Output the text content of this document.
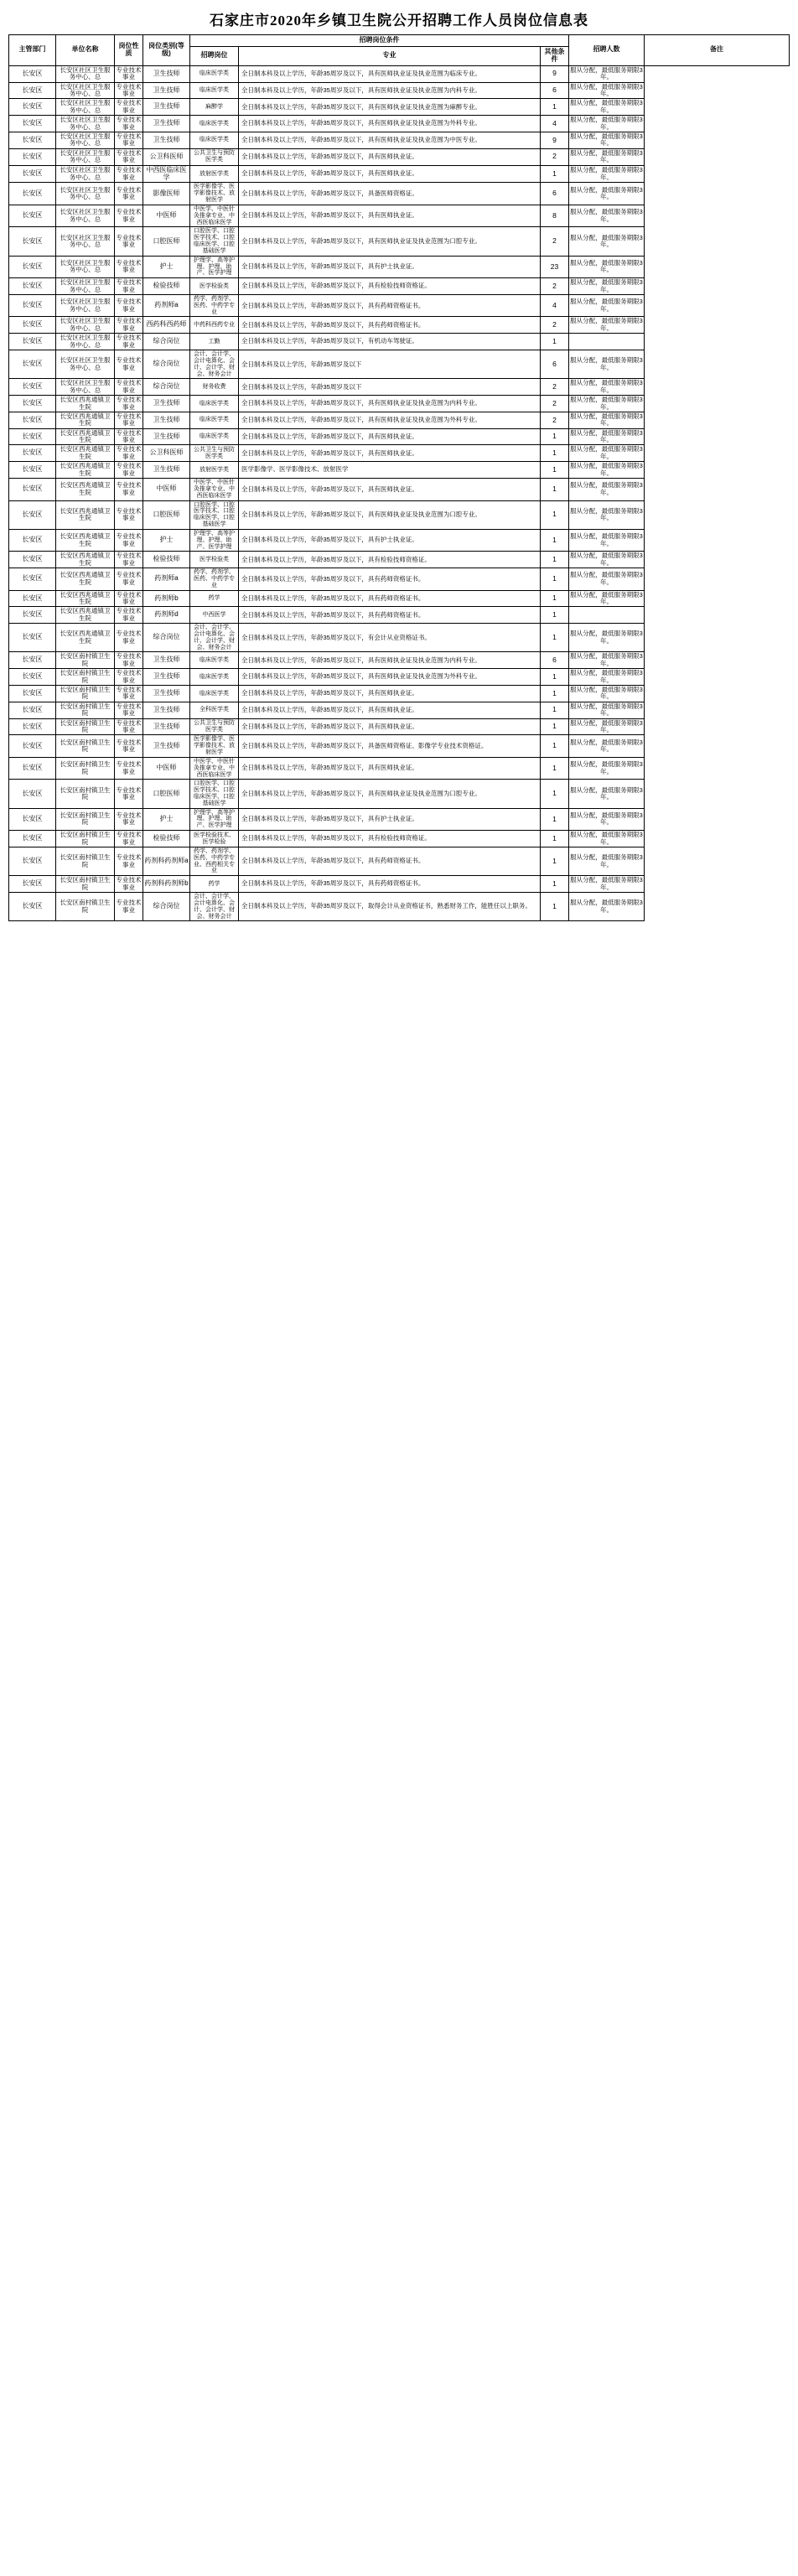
石家庄市2020年乡镇卫生院公开招聘工作人员岗位信息表
主管部门	单位名称	岗位性质	岗位类别(等级)	招聘岗位条件			招聘人数	备注
				招聘岗位	专业	其他条件		
长安区	长安区社区卫生服务中心、总	专业技术事业	卫生技师	临床医学类	全日制本科及以上学历，年龄35周岁及以下，具有医师执业证及执业范围为临床专业。	9	服从分配，最低服务期限3年。	
长安区	长安区社区卫生服务中心、总	专业技术事业	卫生技师	临床医学类	全日制本科及以上学历，年龄35周岁及以下，具有医师执业证及执业范围为内科专业。	6	服从分配，最低服务期限3年。	
长安区	长安区社区卫生服务中心、总	专业技术事业	卫生技师	麻醉学	全日制本科及以上学历，年龄35周岁及以下，具有医师执业证及执业范围为麻醉专业。	1	服从分配，最低服务期限3年。	
长安区	长安区社区卫生服务中心、总	专业技术事业	卫生技师	临床医学类	全日制本科及以上学历，年龄35周岁及以下，具有医师执业证及执业范围为外科专业。	4	服从分配，最低服务期限3年。	
长安区	长安区社区卫生服务中心、总	专业技术事业	卫生技师	临床医学类	全日制本科及以上学历，年龄35周岁及以下，具有医师执业证及执业范围为中医专业。	9	服从分配，最低服务期限3年。	
长安区	长安区社区卫生服务中心、总	专业技术事业	公卫科医师	公共卫生与预防医学类	全日制本科及以上学历，年龄35周岁及以下，具有医师执业证。	2	服从分配，最低服务期限3年。	
长安区	长安区社区卫生服务中心、总	专业技术事业	中西医临床医学	放射医学类	全日制本科及以上学历，年龄35周岁及以下，具有医师执业证。	1	服从分配，最低服务期限3年。	
长安区	长安区社区卫生服务中心、总	专业技术事业	影像医师	医学影像学、医学影像技术、放射医学	全日制本科及以上学历，年龄35周岁及以下，具备医师资格证。	6	服从分配，最低服务期限3年。	
长安区	长安区社区卫生服务中心、总	专业技术事业	中医师	中医学、中医针灸推拿专业、中西医临床医学	全日制本科及以上学历，年龄35周岁及以下，具有医师执业证。	8	服从分配，最低服务期限3年。	
长安区	长安区社区卫生服务中心、总	专业技术事业	口腔医师	口腔医学、口腔医学技术、口腔临床医学、口腔基础医学	全日制本科及以上学历，年龄35周岁及以下，具有医师执业证及执业范围为口腔专业。	2	服从分配，最低服务期限3年。	
长安区	长安区社区卫生服务中心、总	专业技术事业	护士	护理学、高等护理、护理、助产、医学护理	全日制本科及以上学历，年龄35周岁及以下，具有护士执业证。	23	服从分配，最低服务期限3年。	
长安区	长安区社区卫生服务中心、总	专业技术事业	检验技师	医学检验类	全日制本科及以上学历，年龄35周岁及以下，具有检验技师资格证。	2	服从分配，最低服务期限3年。	
长安区	长安区社区卫生服务中心、总	专业技术事业	药剂师a	药学、药剂学、医药、中药学专业	全日制本科及以上学历，年龄35周岁及以下，具有药师资格证书。	4	服从分配，最低服务期限3年。	
长安区	长安区社区卫生服务中心、总	专业技术事业	西药科西药师	中药科西药专业	全日制本科及以上学历，年龄35周岁及以下，具有药师资格证书。	2	服从分配，最低服务期限3年。	
长安区	长安区社区卫生服务中心、总	专业技术事业	综合岗位	工勤	全日制本科及以上学历，年龄35周岁及以下，有机动车驾驶证。	1		
长安区	长安区社区卫生服务中心、总	专业技术事业	综合岗位	会计、会计学、会计电算化、会计、会计学、财会、财务会计	全日制本科及以上学历，年龄35周岁及以下	6	服从分配，最低服务期限3年。	
长安区	长安区社区卫生服务中心、总	专业技术事业	综合岗位	财务收费	全日制本科及以上学历，年龄35周岁及以下	2	服从分配，最低服务期限3年。	
长安区	长安区西兆通镇卫生院	专业技术事业	卫生技师	临床医学类	全日制本科及以上学历，年龄35周岁及以下，具有医师执业证及执业范围为内科专业。	2	服从分配，最低服务期限3年。	
长安区	长安区西兆通镇卫生院	专业技术事业	卫生技师	临床医学类	全日制本科及以上学历，年龄35周岁及以下，具有医师执业证及执业范围为外科专业。	2	服从分配，最低服务期限3年。	
长安区	长安区西兆通镇卫生院	专业技术事业	卫生技师	临床医学类	全日制本科及以上学历，年龄35周岁及以下，具有医师执业证。	1	服从分配，最低服务期限3年。	
长安区	长安区西兆通镇卫生院	专业技术事业	公卫科医师	公共卫生与预防医学类	全日制本科及以上学历，年龄35周岁及以下，具有医师执业证。	1	服从分配，最低服务期限3年。	
长安区	长安区西兆通镇卫生院	专业技术事业	卫生技师	放射医学类	医学影像学、医学影像技术、放射医学	1	服从分配，最低服务期限3年。	
长安区	长安区西兆通镇卫生院	专业技术事业	中医师	中医学、中医针灸推拿专业、中西医临床医学	全日制本科及以上学历，年龄35周岁及以下，具有医师执业证。	1	服从分配，最低服务期限3年。	
长安区	长安区西兆通镇卫生院	专业技术事业	口腔医师	口腔医学、口腔医学技术、口腔临床医学、口腔基础医学	全日制本科及以上学历，年龄35周岁及以下，具有医师执业证及执业范围为口腔专业。	1	服从分配，最低服务期限3年。	
长安区	长安区西兆通镇卫生院	专业技术事业	护士	护理学、高等护理、护理、助产、医学护理	全日制本科及以上学历，年龄35周岁及以下，具有护士执业证。	1	服从分配，最低服务期限3年。	
长安区	长安区西兆通镇卫生院	专业技术事业	检验技师	医学检验类	全日制本科及以上学历，年龄35周岁及以下，具有检验技师资格证。	1	服从分配，最低服务期限3年。	
长安区	长安区西兆通镇卫生院	专业技术事业	药剂师a	药学、药剂学、医药、中药学专业	全日制本科及以上学历，年龄35周岁及以下，具有药师资格证书。	1	服从分配，最低服务期限3年。	
长安区	长安区西兆通镇卫生院	专业技术事业	药剂师b	药学	全日制本科及以上学历，年龄35周岁及以下，具有药师资格证书。	1	服从分配，最低服务期限3年。	
长安区	长安区西兆通镇卫生院	专业技术事业	药剂师d	中西医学	全日制本科及以上学历，年龄35周岁及以下，具有药师资格证书。	1		
长安区	长安区西兆通镇卫生院	专业技术事业	综合岗位	会计、会计学、会计电算化、会计、会计学、财会、财务会计	全日制本科及以上学历，年龄35周岁及以下，有会计从业资格证书。	1	服从分配，最低服务期限3年。	
长安区	长安区南村镇卫生院	专业技术事业	卫生技师	临床医学类	全日制本科及以上学历，年龄35周岁及以下，具有医师执业证及执业范围为内科专业。	6	服从分配，最低服务期限3年。	
长安区	长安区南村镇卫生院	专业技术事业	卫生技师	临床医学类	全日制本科及以上学历，年龄35周岁及以下，具有医师执业证及执业范围为外科专业。	1	服从分配，最低服务期限3年。	
长安区	长安区南村镇卫生院	专业技术事业	卫生技师	临床医学类	全日制本科及以上学历，年龄35周岁及以下，具有医师执业证。	1	服从分配，最低服务期限3年。	
长安区	长安区南村镇卫生院	专业技术事业	卫生技师	全科医学类	全日制本科及以上学历，年龄35周岁及以下，具有医师执业证。	1	服从分配，最低服务期限3年。	
长安区	长安区南村镇卫生院	专业技术事业	卫生技师	公共卫生与预防医学类	全日制本科及以上学历，年龄35周岁及以下，具有医师执业证。	1	服从分配，最低服务期限3年。	
长安区	长安区南村镇卫生院	专业技术事业	卫生技师	医学影像学、医学影像技术、放射医学	全日制本科及以上学历，年龄35周岁及以下，具备医师资格证、影像学专业技术资格证。	1	服从分配，最低服务期限3年。	
长安区	长安区南村镇卫生院	专业技术事业	中医师	中医学、中医针灸推拿专业、中西医临床医学	全日制本科及以上学历，年龄35周岁及以下，具有医师执业证。	1	服从分配，最低服务期限3年。	
长安区	长安区南村镇卫生院	专业技术事业	口腔医师	口腔医学、口腔医学技术、口腔临床医学、口腔基础医学	全日制本科及以上学历，年龄35周岁及以下，具有医师执业证及执业范围为口腔专业。	1	服从分配，最低服务期限3年。	
长安区	长安区南村镇卫生院	专业技术事业	护士	护理学、高等护理、护理、助产、医学护理	全日制本科及以上学历，年龄35周岁及以下，具有护士执业证。	1	服从分配，最低服务期限3年。	
长安区	长安区南村镇卫生院	专业技术事业	检验技师	医学检验技术、医学检验	全日制本科及以上学历，年龄35周岁及以下，具有检验技师资格证。	1	服从分配，最低服务期限3年。	
长安区	长安区南村镇卫生院	专业技术事业	药剂科药剂师a	药学、药剂学、医药、中药学专业、西药相关专业	全日制本科及以上学历，年龄35周岁及以下，具有药师资格证书。	1	服从分配，最低服务期限3年。	
长安区	长安区南村镇卫生院	专业技术事业	药剂科药剂师b	药学	全日制本科及以上学历，年龄35周岁及以下，具有药师资格证书。	1	服从分配，最低服务期限3年。	
长安区	长安区南村镇卫生院	专业技术事业	综合岗位	会计、会计学、会计电算化、会计、会计学、财会、财务会计	全日制本科及以上学历，年龄35周岁及以下，取得会计从业资格证书，熟悉财务工作，能胜任以上职务。	1	服从分配，最低服务期限3年。	
